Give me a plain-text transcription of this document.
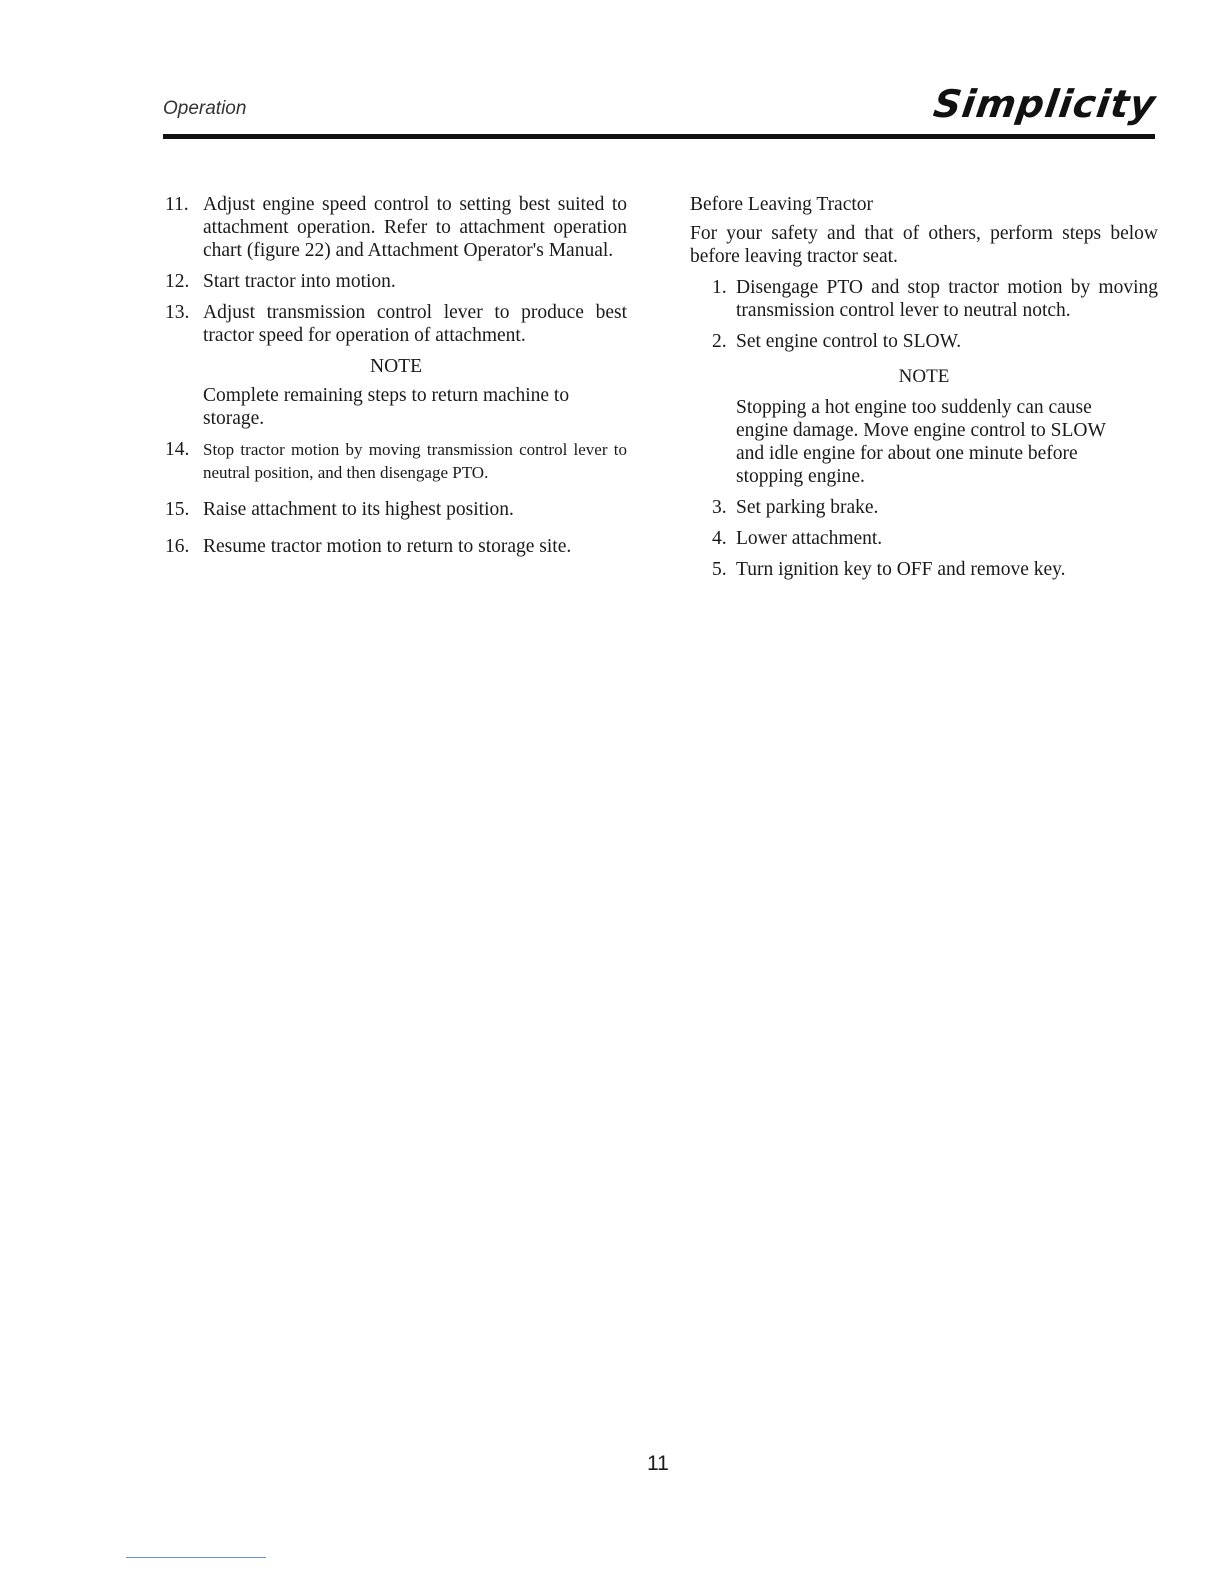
Operation	Simplicity
11. Adjust engine speed control to setting best suited to attachment operation. Refer to attachment operation chart (figure 22) and Attachment Operator's Manual.
12. Start tractor into motion.
13. Adjust transmission control lever to produce best tractor speed for operation of attachment.
NOTE
Complete remaining steps to return machine to storage.
14. Stop tractor motion by moving transmission control lever to neutral position, and then disengage PTO.
15. Raise attachment to its highest position.
16. Resume tractor motion to return to storage site.
Before Leaving Tractor
For your safety and that of others, perform steps below before leaving tractor seat.
1. Disengage PTO and stop tractor motion by moving transmission control lever to neutral notch.
2. Set engine control to SLOW.
NOTE
Stopping a hot engine too suddenly can cause engine damage. Move engine control to SLOW and idle engine for about one minute before stopping engine.
3. Set parking brake.
4. Lower attachment.
5. Turn ignition key to OFF and remove key.
11
